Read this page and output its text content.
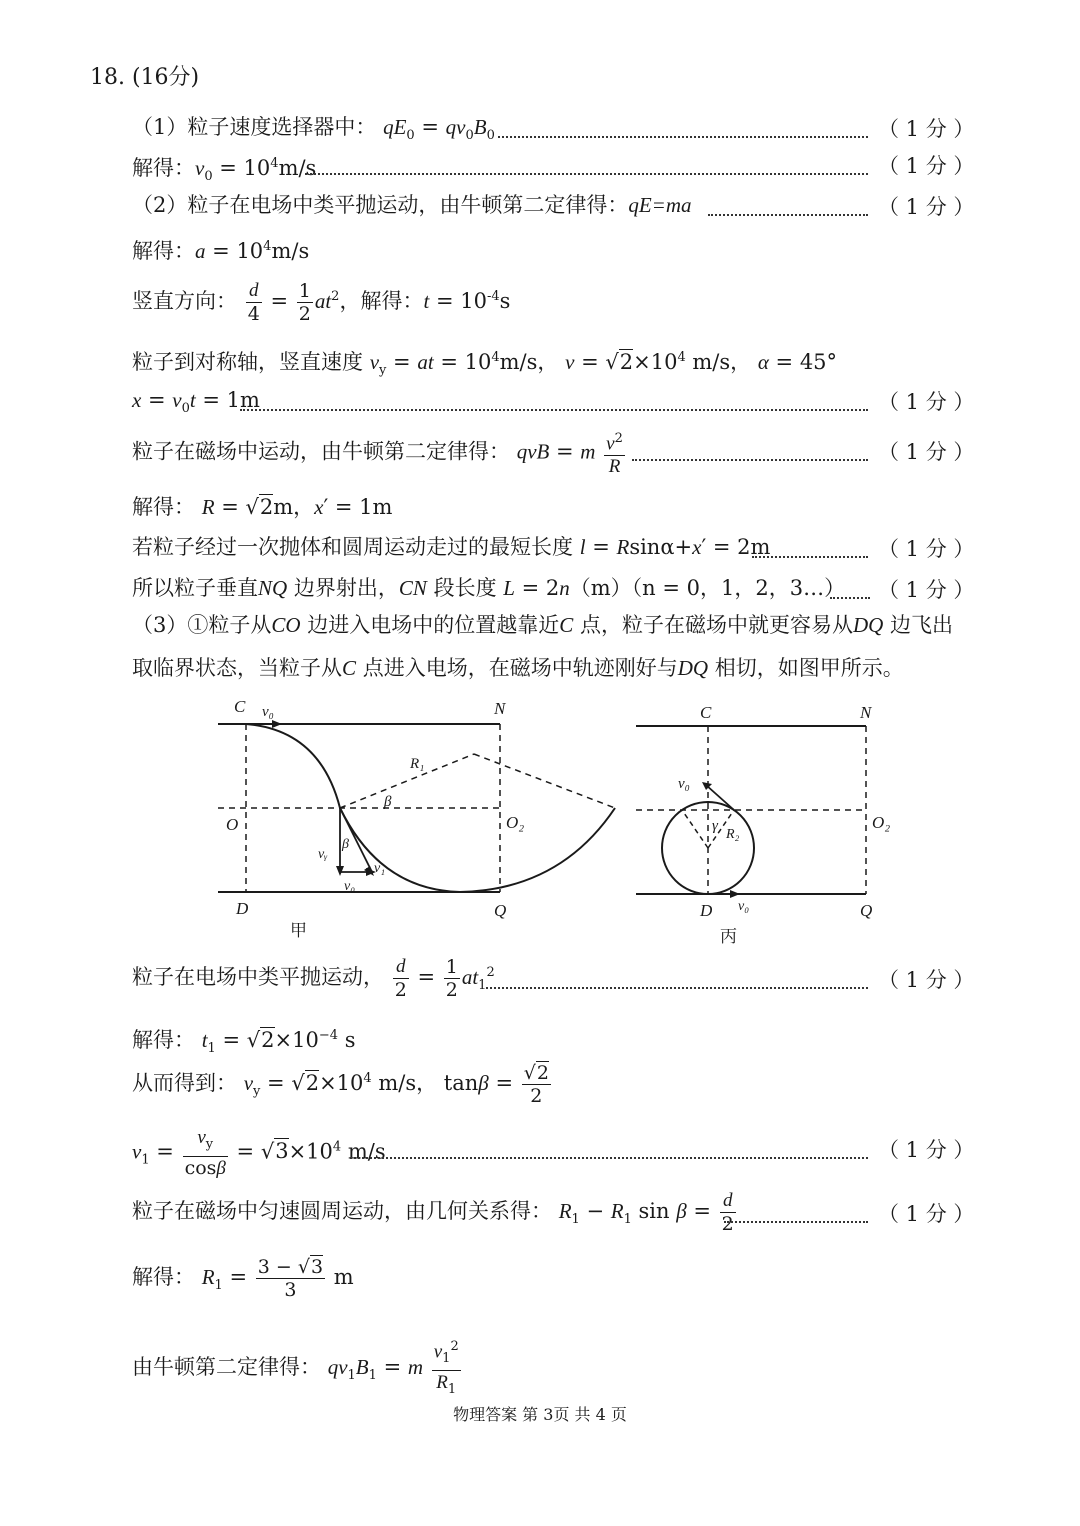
18. (16分)
（1）粒子速度选择器中： $qE_0 = qv_0B_0$	（ 1 分 ）
解得：$v_0 = 10^4m/s$	（ 1 分 ）
（2）粒子在电场中类平抛运动，由牛顿第二定律得：qE=ma	（ 1 分 ）
解得：$a = 10^4m/s$
竖直方向： $\frac{d}{4} = \frac{1}{2} at^2$，解得：$t = 10^{-4}s$
粒子到对称轴，竖直速度 $v_y$ = at = $10^4m/s$， $v = √2\times 10^4$ m/s， α = 45°
$x = v_0t = 1m$	（ 1 分 ）
粒子在磁场中运动，由牛顿第二定律得： qvB = m $\frac{v^2}{R}$	（ 1 分 ）
解得： R = √2m，x′ = 1m
若粒子经过一次抛体和圆周运动走过的最短长度 l = Rsinα+x′ = 2m	（ 1 分 ）
所以粒子垂直NQ 边界射出，CN 段长度 L = 2n（m）（n = 0，1，2，3…） （ 1 分 ）
（3）①粒子从CO 边进入电场中的位置越靠近C 点，粒子在磁场中就更容易从DQ 边飞出
取临界状态，当粒子从C 点进入电场，在磁场中轨迹刚好与DQ 相切，如图甲所示。
C v₀	N
R₁
β
O	O₂
β
vᵧ
v₁
v₀
D	Q
甲
C	N
v₀
γ
R₂
O₂
D v₀	Q
丙
粒子在电场中类平抛运动， $\frac{d}{2} = \frac{1}{2} at_1^2$	（ 1 分 ）
解得： $t_1 = √2\times 10^{-4}$ s
从而得到： $v_y = √2\times 10^4$ m/s， $\tan\beta = \frac{√2}{2}$
$v_1 = \frac{v_y}{\cos\beta} = √3\times 10^4$ m/s	（ 1 分 ）
粒子在磁场中匀速圆周运动，由几何关系得： $R_1 - R_1$ $\sin \beta = \frac{d}{2}$	（ 1 分 ）
解得： $R_1 = \frac{3 - √3}{3}$ m
由牛顿第二定律得： $qv_1B_1 = m \frac{v_1^2}{R_1}$
物理答案 第 3页 共 4 页
